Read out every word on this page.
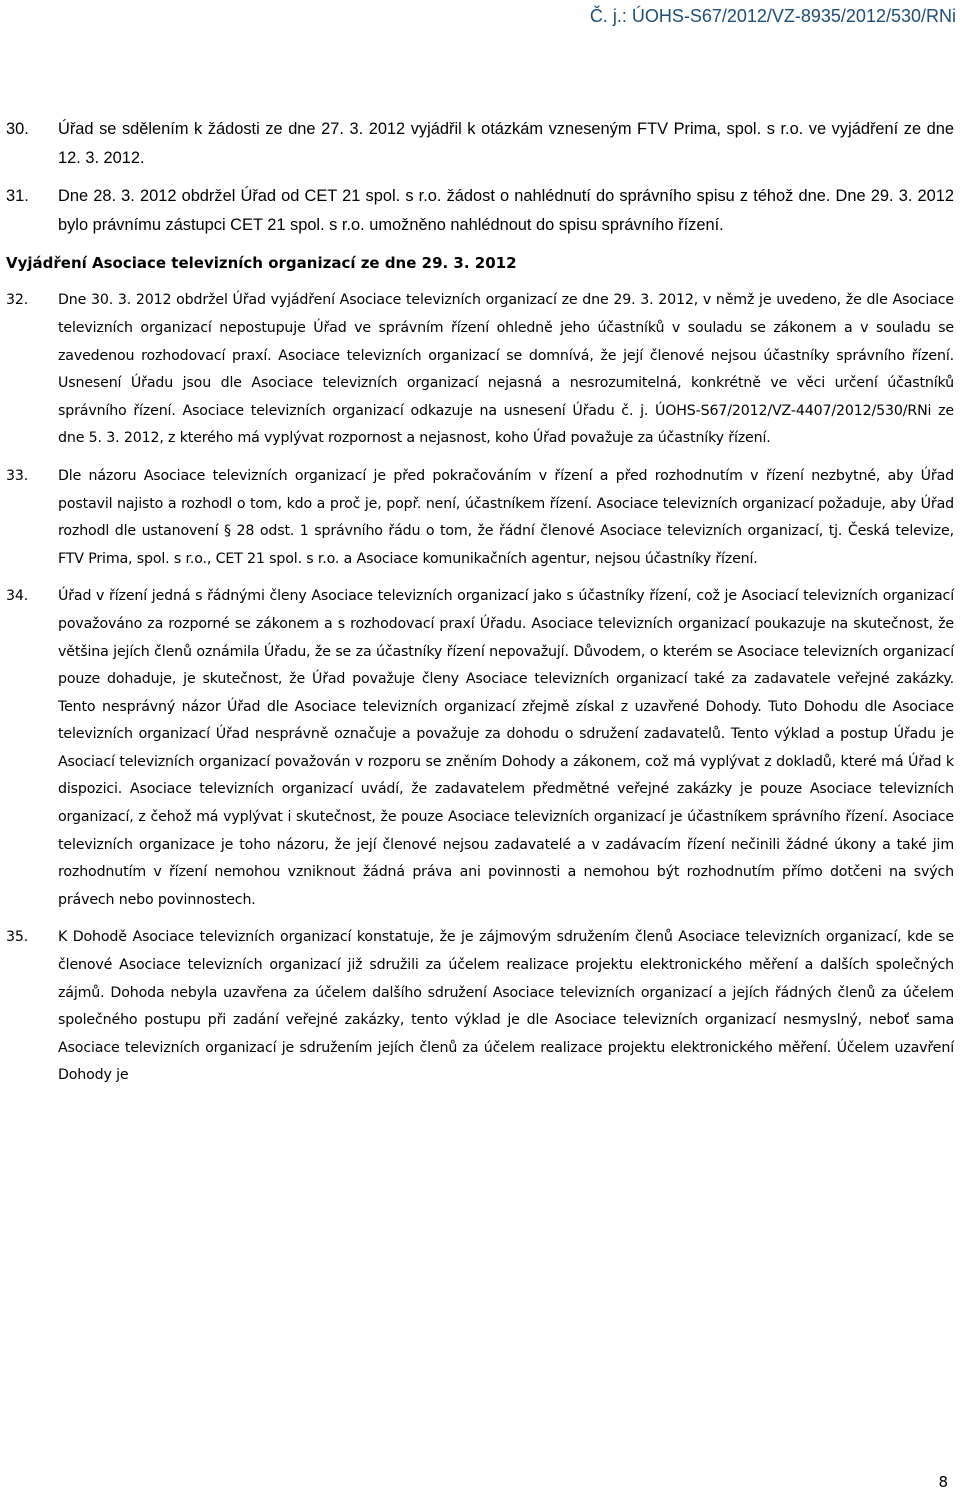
Č. j.: ÚOHS-S67/2012/VZ-8935/2012/530/RNi
30.	Úřad se sdělením k žádosti ze dne 27. 3. 2012 vyjádřil k otázkám vzneseným FTV Prima, spol. s r.o. ve vyjádření ze dne 12. 3. 2012.
31.	Dne 28. 3. 2012 obdržel Úřad od CET 21 spol. s r.o. žádost o nahlédnutí do správního spisu z téhož dne. Dne 29. 3. 2012 bylo právnímu zástupci CET 21 spol. s r.o. umožněno nahlédnout do spisu správního řízení.
Vyjádření Asociace televizních organizací ze dne 29. 3. 2012
32.	Dne 30. 3. 2012 obdržel Úřad vyjádření Asociace televizních organizací ze dne 29. 3. 2012, v němž je uvedeno, že dle Asociace televizních organizací nepostupuje Úřad ve správním řízení ohledně jeho účastníků v souladu se zákonem a v souladu se zavedenou rozhodovací praxí. Asociace televizních organizací se domnívá, že její členové nejsou účastníky správního řízení. Usnesení Úřadu jsou dle Asociace televizních organizací nejasná a nesrozumitelná, konkrétně ve věci určení účastníků správního řízení. Asociace televizních organizací odkazuje na usnesení Úřadu č. j. ÚOHS-S67/2012/VZ-4407/2012/530/RNi ze dne 5. 3. 2012, z kterého má vyplývat rozpornost a nejasnost, koho Úřad považuje za účastníky řízení.
33.	Dle názoru Asociace televizních organizací je před pokračováním v řízení a před rozhodnutím v řízení nezbytné, aby Úřad postavil najisto a rozhodl o tom, kdo a proč je, popř. není, účastníkem řízení. Asociace televizních organizací požaduje, aby Úřad rozhodl dle ustanovení § 28 odst. 1 správního řádu o tom, že řádní členové Asociace televizních organizací, tj. Česká televize, FTV Prima, spol. s r.o., CET 21 spol. s r.o. a Asociace komunikačních agentur, nejsou účastníky řízení.
34.	Úřad v řízení jedná s řádnými členy Asociace televizních organizací jako s účastníky řízení, což je Asociací televizních organizací považováno za rozporné se zákonem a s rozhodovací praxí Úřadu. Asociace televizních organizací poukazuje na skutečnost, že většina jejích členů oznámila Úřadu, že se za účastníky řízení nepovažují. Důvodem, o kterém se Asociace televizních organizací pouze dohaduje, je skutečnost, že Úřad považuje členy Asociace televizních organizací také za zadavatele veřejné zakázky. Tento nesprávný názor Úřad dle Asociace televizních organizací zřejmě získal z uzavřené Dohody. Tuto Dohodu dle Asociace televizních organizací Úřad nesprávně označuje a považuje za dohodu o sdružení zadavatelů. Tento výklad a postup Úřadu je Asociací televizních organizací považován v rozporu se zněním Dohody a zákonem, což má vyplývat z dokladů, které má Úřad k dispozici. Asociace televizních organizací uvádí, že zadavatelem předmětné veřejné zakázky je pouze Asociace televizních organizací, z čehož má vyplývat i skutečnost, že pouze Asociace televizních organizací je účastníkem správního řízení. Asociace televizních organizace je toho názoru, že její členové nejsou zadavatelé a v zadávacím řízení nečinili žádné úkony a také jim rozhodnutím v řízení nemohou vzniknout žádná práva ani povinnosti a nemohou být rozhodnutím přímo dotčeni na svých právech nebo povinnostech.
35.	K Dohodě Asociace televizních organizací konstatuje, že je zájmovým sdružením členů Asociace televizních organizací, kde se členové Asociace televizních organizací již sdružili za účelem realizace projektu elektronického měření a dalších společných zájmů. Dohoda nebyla uzavřena za účelem dalšího sdružení Asociace televizních organizací a jejích řádných členů za účelem společného postupu při zadání veřejné zakázky, tento výklad je dle Asociace televizních organizací nesmyslný, neboť sama Asociace televizních organizací je sdružením jejích členů za účelem realizace projektu elektronického měření. Účelem uzavření Dohody je
8
